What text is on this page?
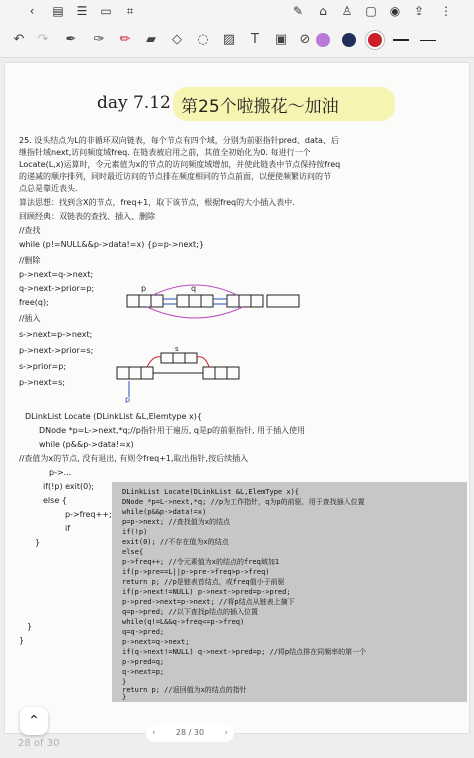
‹	▤ ☰ ▭	⌗	✎	⌂	♙ ▢ ◉ ⇪ ⋮
↶ ↷ ✒ ✑ ✏	▰	◇	◌ ▨	T	▣ ⊘
day 7.12 第25个啦搬花～加油
25. 设头结点为L的非循环双向链表，每个节点有四个域，分别为前驱指针pred、data、后
继指针域next,访问频度域freq. 在链表被启用之前，其值全初始化为0. 每进行一个
Locate(L,x)运算时，令元素值为x的节点的访问频度域增加，并使此链表中节点保持按freq
的递减的顺序排列，同时最近访问的节点排在频度相同的节点前面，以便使频繁访问的节
点总是靠近表头.
算法思想：找到含X的节点，freq+1，取下该节点，根据freq的大小插入表中.
回顾经典：双链表的查找、插入、删除
//查找
while (p!=NULL&&p->data!=x) {p=p->next;}
//删除
p->next=q->next;
q->next->prior=p;
free(q);
//插入
s->next=p->next;
p->next->prior=s;
s->prior=p;
p->next=s;
p	q
s
p
DLinkList Locate (DLinkList &L,Elemtype x){
DNode *p=L->next,*q;//p指针用于遍历, q是p的前驱指针, 用于插入使用
while (p&&p->data!=x)
//查值为x的节点, 没有退出, 有则令freq+1,取出指针,按后续插入
p->...
if(!p) exit(0);
else {
p->freq++;
if
}
}
}
DLinkList Locate(DLinkList &L,ElemType x){
DNode *p=L->next,*q; //p为工作指针，q为p的前驱，用于查找插入位置
while(p&&p->data!=x)
p=p->next; //查找值为x的结点
if(!p)
exit(0); //不存在值为x的结点
else{
p->freq++; //令元素值为x的结点的freq域加1
if(p->pre==L||p->pre->freq>p->freq)
return p; //p是链表首结点，或freq值小于前驱
if(p->next!=NULL) p->next->pred=p->pred;
p->pred->next=p->next; //将p结点从链表上摘下
q=p->pred; //以下查找p结点的插入位置
while(q!=L&&q->freq<=p->freq)
q=q->pred;
p->next=q->next;
if(q->next!=NULL) q->next->pred=p; //将p结点排在同频率的第一个
p->pred=q;
q->next=p;
}
return p; //返回值为x的结点的指针
}
⌃
‹	28 / 30 ›
28 of 30
